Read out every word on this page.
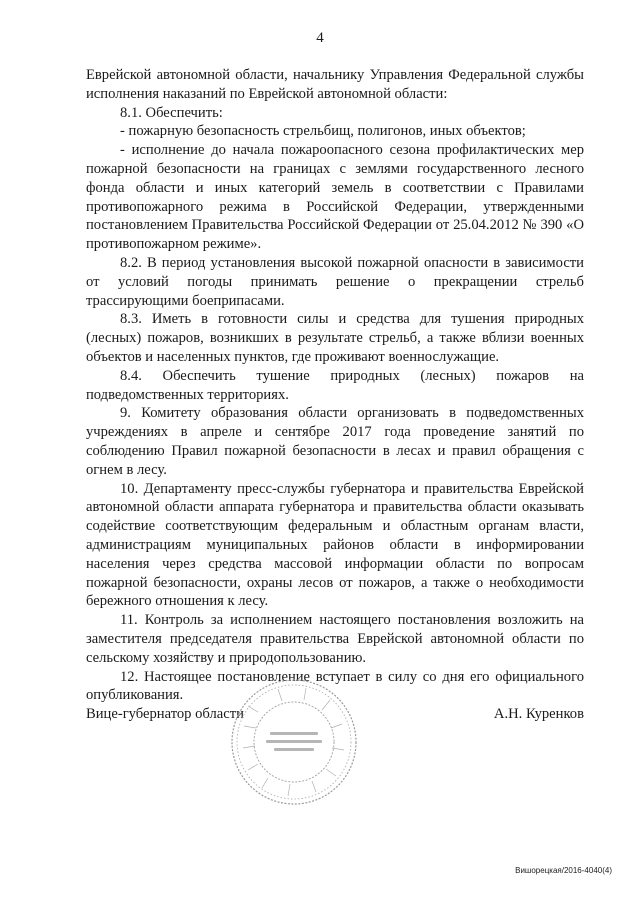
4

Еврейской автономной области, начальнику Управления Федеральной службы исполнения наказаний по Еврейской автономной области:

8.1. Обеспечить:

- пожарную безопасность стрельбищ, полигонов, иных объектов;

- исполнение до начала пожароопасного сезона профилактических мер пожарной безопасности на границах с землями государственного лесного фонда области и иных категорий земель в соответствии с Правилами противопожарного режима в Российской Федерации, утвержденными постановлением Правительства Российской Федерации от 25.04.2012 № 390 «О противопожарном режиме».

8.2. В период установления высокой пожарной опасности в зависимости от условий погоды принимать решение о прекращении стрельб трассирующими боеприпасами.

8.3. Иметь в готовности силы и средства для тушения природных (лесных) пожаров, возникших в результате стрельб, а также вблизи военных объектов и населенных пунктов, где проживают военнослужащие.

8.4. Обеспечить тушение природных (лесных) пожаров на подведомственных территориях.

9. Комитету образования области организовать в подведомственных учреждениях в апреле и сентябре 2017 года проведение занятий по соблюдению Правил пожарной безопасности в лесах и правил обращения с огнем в лесу.

10. Департаменту пресс-службы губернатора и правительства Еврейской автономной области аппарата губернатора и правительства области оказывать содействие соответствующим федеральным и областным органам власти, администрациям муниципальных районов области в информировании населения через средства массовой информации области по вопросам пожарной безопасности, охраны лесов от пожаров, а также о необходимости бережного отношения к лесу.

11. Контроль за исполнением настоящего постановления возложить на заместителя председателя правительства Еврейской автономной области по сельскому хозяйству и природопользованию.

12. Настоящее постановление вступает в силу со дня его официального опубликования.

Вице-губернатор области	А.Н. Куренков
Вишорецкая/2016-4040(4)
